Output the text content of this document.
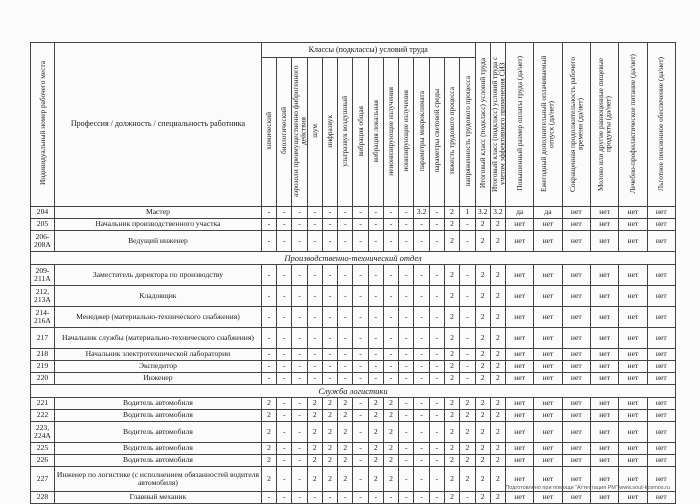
Индивидуальный номер рабочего места	Профессия / должность / специальность работника	Классы (подклассы) условий труда														Итоговый класс (подкласс) условий труда	Итоговый класс (подкласс) условий труда с учетом эффективного применения СИЗ	Повышенный размер оплаты труда (да/нет)	Ежегодный дополнительный оплачиваемый отпуск (да/нет)	Сокращенная продолжительность рабочего времени (да/нет)	Молоко или другие равноценные пищевые продукты (да/нет)	Лечебно-профилактическое питание (да/нет)	Льготное пенсионное обеспечение (да/нет)
		химический	биологический	аэрозоли преимущественно фиброгенного действия	шум	инфразвук	ультразвук воздушный	вибрация общая	вибрация локальная	неионизирующие излучения	ионизирующие излучения	параметры микроклимата	параметры световой среды	тяжесть трудового процесса	напряженность трудового процесса								
204	Мастер	-	-	-	-	-	-	-	-	-	-	3.2	-	2	1	3.2	3.2	да	да	нет	нет	нет	нет
205	Начальник производственного участка	-	-	-	-	-	-	-	-	-	-	-	-	2	-	2	2	нет	нет	нет	нет	нет	нет
206-208А	Ведущий инженер	-	-	-	-	-	-	-	-	-	-	-	-	2	-	2	2	нет	нет	нет	нет	нет	нет
Производственно-технический отдел																							
209-211А	Заместитель директора по производству	-	-	-	-	-	-	-	-	-	-	-	-	2	-	2	2	нет	нет	нет	нет	нет	нет
212, 213А	Кладовщик	-	-	-	-	-	-	-	-	-	-	-	-	2	-	2	2	нет	нет	нет	нет	нет	нет
214-216А	Менеджер (материально-технического снабжения)	-	-	-	-	-	-	-	-	-	-	-	-	2	-	2	2	нет	нет	нет	нет	нет	нет
217	Начальник службы (материально-технического снабжения)	-	-	-	-	-	-	-	-	-	-	-	-	2	-	2	2	нет	нет	нет	нет	нет	нет
218	Начальник электротехнической лаборатории	-	-	-	-	-	-	-	-	-	-	-	-	2	-	2	2	нет	нет	нет	нет	нет	нет
219	Экспедитор	-	-	-	-	-	-	-	-	-	-	-	-	2	-	2	2	нет	нет	нет	нет	нет	нет
220	Инженер	-	-	-	-	-	-	-	-	-	-	-	-	2	-	2	2	нет	нет	нет	нет	нет	нет
Служба логистики																							
221	Водитель автомобиля	2	-	-	2	2	2	-	2	2	-	-	-	2	2	2	2	нет	нет	нет	нет	нет	нет
222	Водитель автомобиля	2	-	-	2	2	2	-	2	2	-	-	-	2	2	2	2	нет	нет	нет	нет	нет	нет
223, 224А	Водитель автомобиля	2	-	-	2	2	2	-	2	2	-	-	-	2	2	2	2	нет	нет	нет	нет	нет	нет
225	Водитель автомобиля	2	-	-	2	2	2	-	2	2	-	-	-	2	2	2	2	нет	нет	нет	нет	нет	нет
226	Водитель автомобиля	2	-	-	2	2	2	-	2	2	-	-	-	2	2	2	2	нет	нет	нет	нет	нет	нет
227	Инженер по логистике (с исполнением обязанностей водителя автомобиля)	2	-	-	2	2	2	-	2	2	-	-	-	2	2	2	2	нет	нет	нет	нет	нет	нет
228	Главный механик	-	-	-	-	-	-	-	-	-	-	-	-	2	-	2	2	нет	нет	нет	нет	нет	нет
Подготовлено при помощи "Аттестация РМ" www.sout-kosmos.ru
